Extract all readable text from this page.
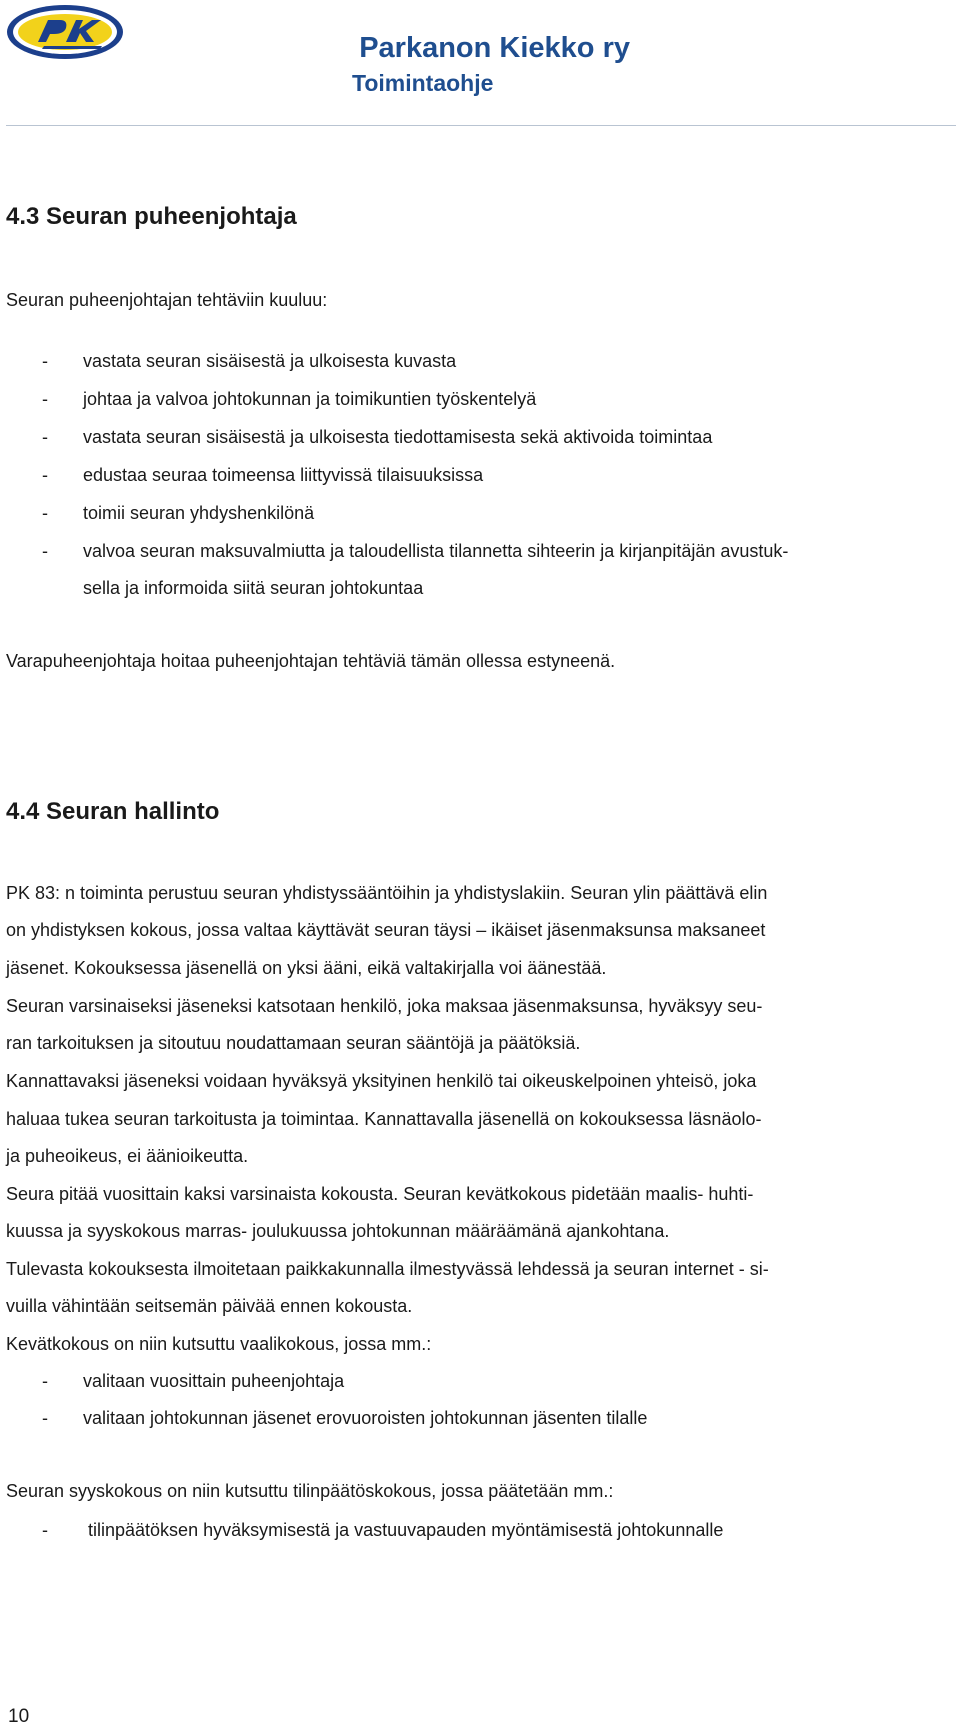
Parkanon Kiekko ry
Toimintaohje
4.3 Seuran puheenjohtaja
Seuran puheenjohtajan tehtäviin kuuluu:
- vastata seuran sisäisestä ja ulkoisesta kuvasta
- johtaa ja valvoa johtokunnan ja toimikuntien työskentelyä
- vastata seuran sisäisestä ja ulkoisesta tiedottamisesta sekä aktivoida toimintaa
- edustaa seuraa toimeensa liittyvissä tilaisuuksissa
- toimii seuran yhdyshenkilönä
- valvoa seuran maksuvalmiutta ja taloudellista tilannetta sihteerin ja kirjanpitäjän avustuk-
sella ja informoida siitä seuran johtokuntaa
Varapuheenjohtaja hoitaa puheenjohtajan tehtäviä tämän ollessa estyneenä.
4.4 Seuran hallinto
PK 83: n toiminta perustuu seuran yhdistyssääntöihin ja yhdistyslakiin. Seuran ylin päättävä elin
on yhdistyksen kokous, jossa valtaa käyttävät seuran täysi – ikäiset jäsenmaksunsa maksaneet
jäsenet. Kokouksessa jäsenellä on yksi ääni, eikä valtakirjalla voi äänestää.
Seuran varsinaiseksi jäseneksi katsotaan henkilö, joka maksaa jäsenmaksunsa, hyväksyy seu-
ran tarkoituksen ja sitoutuu noudattamaan seuran sääntöjä ja päätöksiä.
Kannattavaksi jäseneksi voidaan hyväksyä yksityinen henkilö tai oikeuskelpoinen yhteisö, joka
haluaa tukea seuran tarkoitusta ja toimintaa. Kannattavalla jäsenellä on kokouksessa läsnäolo-
ja puheoikeus, ei äänioikeutta.
Seura pitää vuosittain kaksi varsinaista kokousta. Seuran kevätkokous pidetään maalis- huhti-
kuussa ja syyskokous marras- joulukuussa johtokunnan määräämänä ajankohtana.
Tulevasta kokouksesta ilmoitetaan paikkakunnalla ilmestyvässä lehdessä ja seuran internet - si-
vuilla vähintään seitsemän päivää ennen kokousta.
Kevätkokous on niin kutsuttu vaalikokous, jossa mm.:
- valitaan vuosittain puheenjohtaja
- valitaan johtokunnan jäsenet erovuoroisten johtokunnan jäsenten tilalle
Seuran syyskokous on niin kutsuttu tilinpäätöskokous, jossa päätetään mm.:
- tilinpäätöksen hyväksymisestä ja vastuuvapauden myöntämisestä johtokunnalle
10
